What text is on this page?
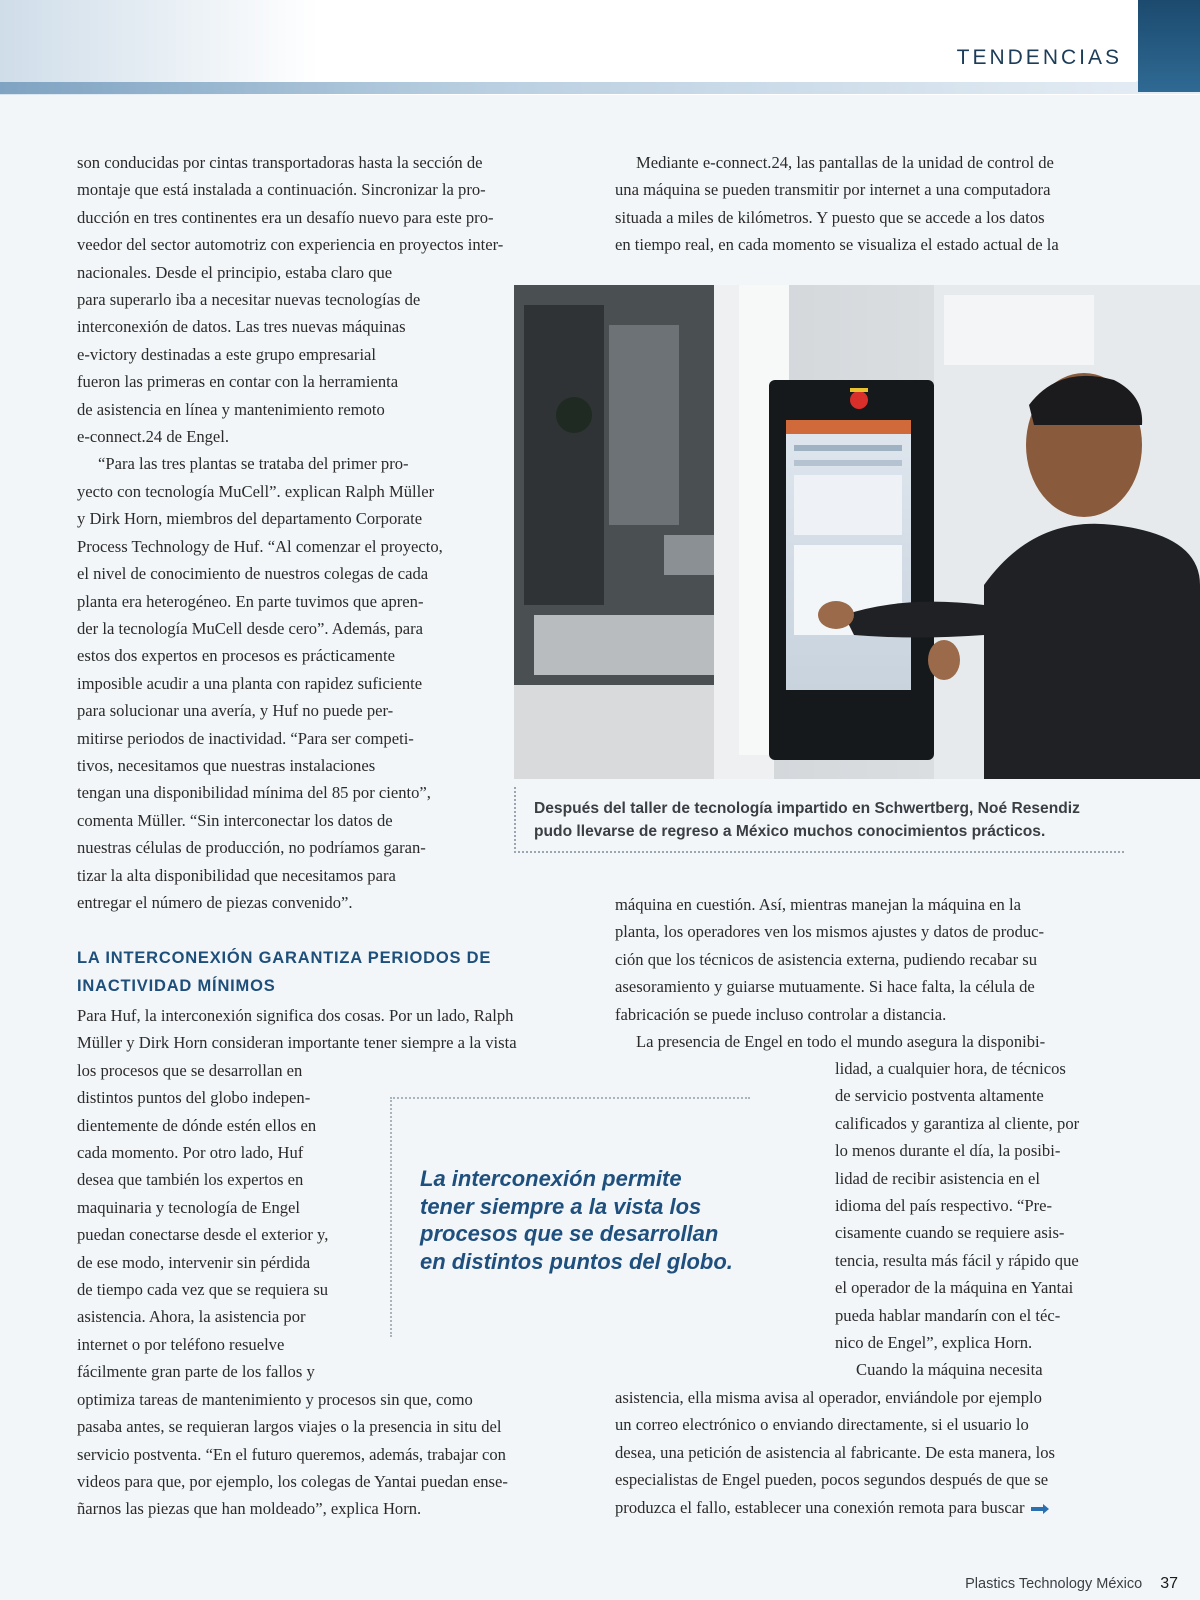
TENDENCIAS
son conducidas por cintas transportadoras hasta la sección de
montaje que está instalada a continuación. Sincronizar la pro-
ducción en tres continentes era un desafío nuevo para este pro-
veedor del sector automotriz con experiencia en proyectos inter-
nacionales. Desde el principio, estaba claro que
para superarlo iba a necesitar nuevas tecnologías de
interconexión de datos. Las tres nuevas máquinas
e-victory destinadas a este grupo empresarial
fueron las primeras en contar con la herramienta
de asistencia en línea y mantenimiento remoto
e-connect.24 de Engel.
“Para las tres plantas se trataba del primer pro-
yecto con tecnología MuCell”. explican Ralph Müller
y Dirk Horn, miembros del departamento Corporate
Process Technology de Huf. “Al comenzar el proyecto,
el nivel de conocimiento de nuestros colegas de cada
planta era heterogéneo. En parte tuvimos que apren-
der la tecnología MuCell desde cero”. Además, para
estos dos expertos en procesos es prácticamente
imposible acudir a una planta con rapidez suficiente
para solucionar una avería, y Huf no puede per-
mitirse periodos de inactividad. “Para ser competi-
tivos, necesitamos que nuestras instalaciones
tengan una disponibilidad mínima del 85 por ciento”,
comenta Müller. “Sin interconectar los datos de
nuestras células de producción, no podríamos garan-
tizar la alta disponibilidad que necesitamos para
entregar el número de piezas convenido”.
LA INTERCONEXIÓN GARANTIZA PERIODOS DE
INACTIVIDAD MÍNIMOS
Para Huf, la interconexión significa dos cosas. Por un lado, Ralph
Müller y Dirk Horn consideran importante tener siempre a la vista
los procesos que se desarrollan en
distintos puntos del globo indepen-
dientemente de dónde estén ellos en
cada momento. Por otro lado, Huf
desea que también los expertos en
maquinaria y tecnología de Engel
puedan conectarse desde el exterior y,
de ese modo, intervenir sin pérdida
de tiempo cada vez que se requiera su
asistencia. Ahora, la asistencia por
internet o por teléfono resuelve
fácilmente gran parte de los fallos y
optimiza tareas de mantenimiento y procesos sin que, como
pasaba antes, se requieran largos viajes o la presencia in situ del
servicio postventa. “En el futuro queremos, además, trabajar con
videos para que, por ejemplo, los colegas de Yantai puedan ense-
ñarnos las piezas que han moldeado”, explica Horn.
Mediante e-connect.24, las pantallas de la unidad de control de
una máquina se pueden transmitir por internet a una computadora
situada a miles de kilómetros. Y puesto que se accede a los datos
en tiempo real, en cada momento se visualiza el estado actual de la
Después del taller de tecnología impartido en Schwertberg, Noé Resendiz
pudo llevarse de regreso a México muchos conocimientos prácticos.
máquina en cuestión. Así, mientras manejan la máquina en la
planta, los operadores ven los mismos ajustes y datos de produc-
ción que los técnicos de asistencia externa, pudiendo recabar su
asesoramiento y guiarse mutuamente. Si hace falta, la célula de
fabricación se puede incluso controlar a distancia.
La presencia de Engel en todo el mundo asegura la disponibi-
lidad, a cualquier hora, de técnicos
de servicio postventa altamente
calificados y garantiza al cliente, por
lo menos durante el día, la posibi-
lidad de recibir asistencia en el
idioma del país respectivo. “Pre-
cisamente cuando se requiere asis-
tencia, resulta más fácil y rápido que
el operador de la máquina en Yantai
pueda hablar mandarín con el téc-
nico de Engel”, explica Horn.
Cuando la máquina necesita
asistencia, ella misma avisa al operador, enviándole por ejemplo
un correo electrónico o enviando directamente, si el usuario lo
desea, una petición de asistencia al fabricante. De esta manera, los
especialistas de Engel pueden, pocos segundos después de que se
produzca el fallo, establecer una conexión remota para buscar
La interconexión permite
tener siempre a la vista los
procesos que se desarrollan
en distintos puntos del globo.
Plastics Technology México 37
